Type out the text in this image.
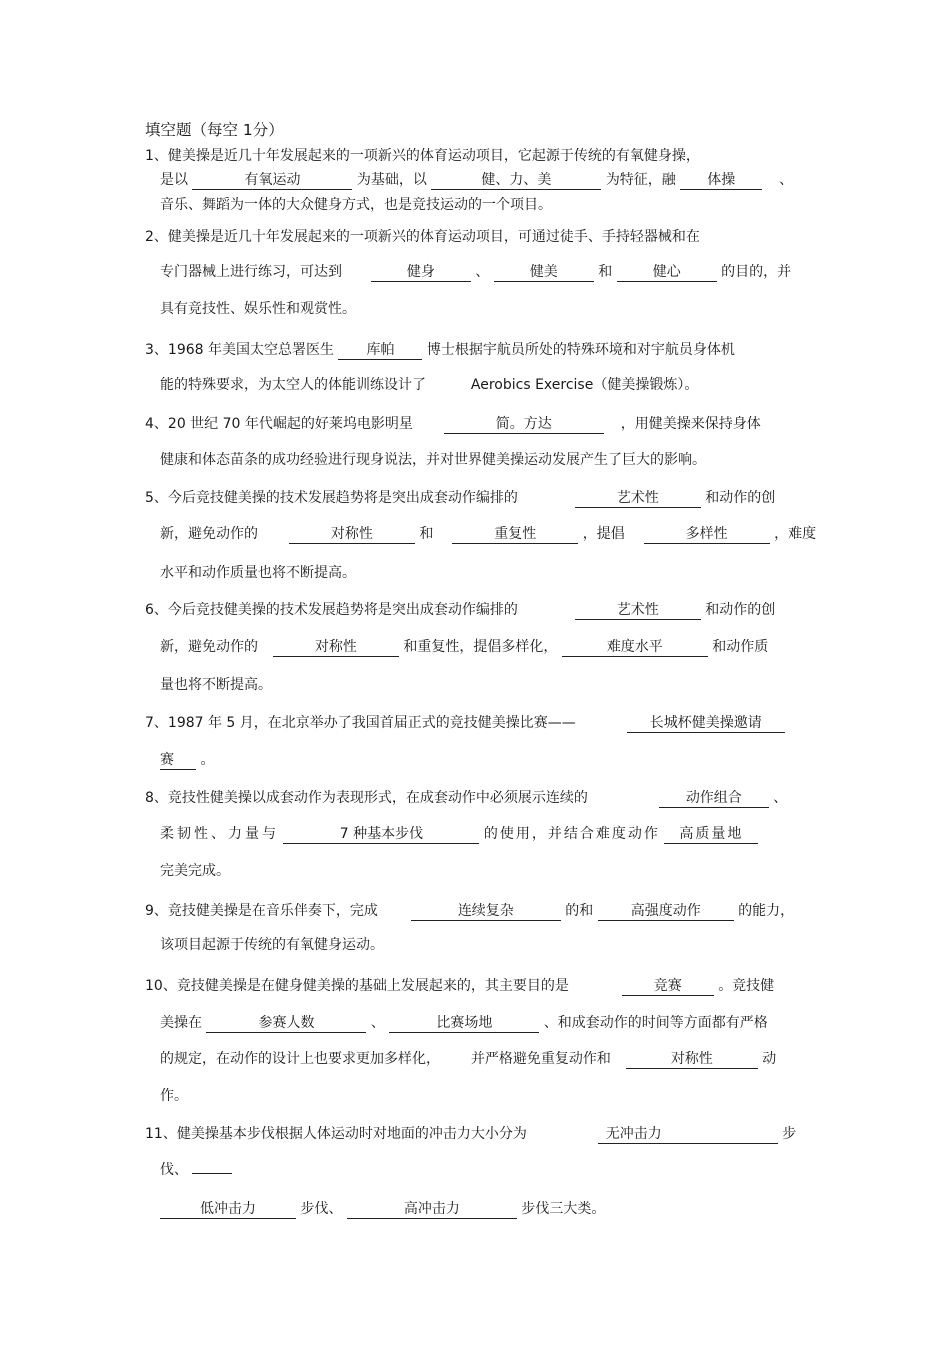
填空题（每空 1分）
1、健美操是近几十年发展起来的一项新兴的体育运动项目，它起源于传统的有氧健身操，
是以	有氧运动	为基础，以	健、力、美	为特征，融 体操	、
音乐、舞蹈为一体的大众健身方式，也是竞技运动的一个项目。
2、健美操是近几十年发展起来的一项新兴的体育运动项目，可通过徒手、手持轻器械和在
专门器械上进行练习，可达到	健身	、	健美	和	健心	的目的，并
具有竞技性、娱乐性和观赏性。
3、1968 年美国太空总署医生 库帕 博士根据宇航员所处的特殊环境和对宇航员身体机
能的特殊要求，为太空人的体能训练设计了	Aerobics Exercise（健美操锻炼）。
4、20 世纪 70 年代崛起的好莱坞电影明星	简。方达	，用健美操来保持身体
健康和体态苗条的成功经验进行现身说法，并对世界健美操运动发展产生了巨大的影响。
5、今后竞技健美操的技术发展趋势将是突出成套动作编排的	艺术性	和动作的创
新，避免动作的	对称性	和	重复性	，提倡	多样性	，难度
水平和动作质量也将不断提高。
6、今后竞技健美操的技术发展趋势将是突出成套动作编排的	艺术性	和动作的创
新，避免动作的	对称性	和重复性，提倡多样化，	难度水平	和动作质
量也将不断提高。
7、1987 年 5 月，在北京举办了我国首届正式的竞技健美操比赛——	长城杯健美操邀请
赛 。
8、竞技性健美操以成套动作为表现形式，在成套动作中必须展示连续的	动作组合 、
柔韧性、力量与	7 种基本步伐	的使用，并结合难度动作 高质量地
完美完成。
9、竞技健美操是在音乐伴奏下，完成	连续复杂	的和	高强度动作	的能力，
该项目起源于传统的有氧健身运动。
10、竞技健美操是在健身健美操的基础上发展起来的，其主要目的是	竞赛	。竞技健
美操在	参赛人数	、	比赛场地	、和成套动作的时间等方面都有严格
的规定，在动作的设计上也要求更加多样化， 并严格避免重复动作和	对称性	动
作。
11、健美操基本步伐根据人体运动时对地面的冲击力大小分为	无冲击力	步
伐、
低冲击力	步伐、	高冲击力	步伐三大类。
